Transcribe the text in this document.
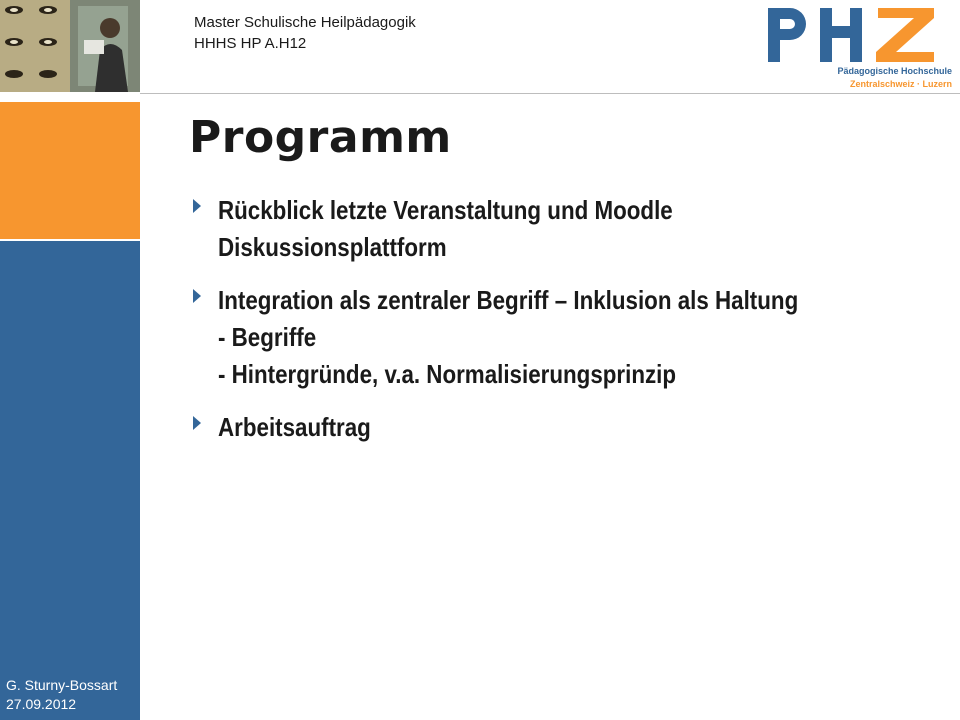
Master Schulische Heilpädagogik
HHHS HP A.H12
Pädagogische Hochschule
Zentralschweiz · Luzern
G. Sturny-Bossart
27.09.2012
Programm
Rückblick letzte Veranstaltung und Moodle
Diskussionsplattform
Integration als zentraler Begriff – Inklusion als Haltung
- Begriffe
- Hintergründe, v.a. Normalisierungsprinzip
Arbeitsauftrag
